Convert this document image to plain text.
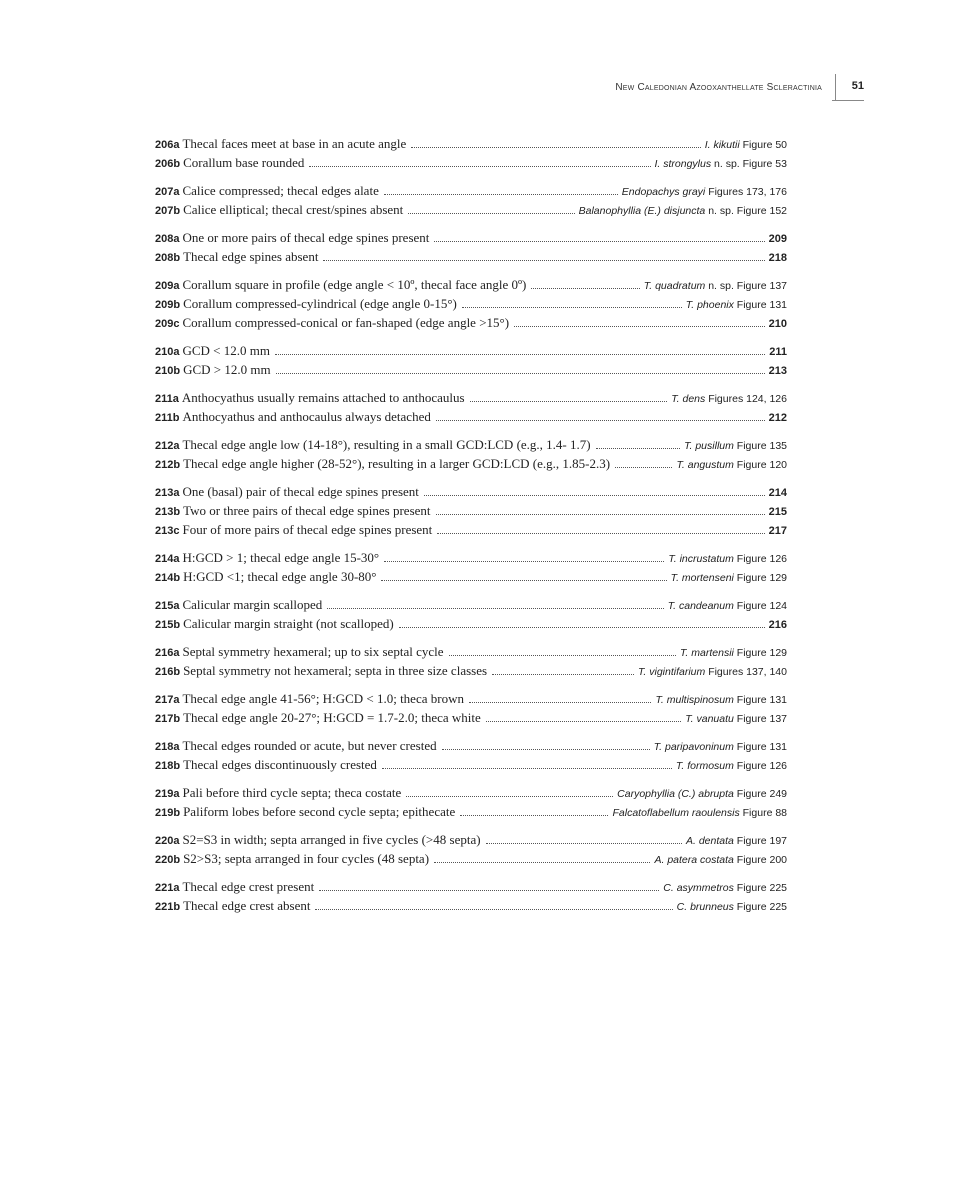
New Caledonian Azooxanthellate Scleractinia	51
206a Thecal faces meet at base in an acute angle	I. kikutii Figure 50
206b Corallum base rounded	I. strongylus n. sp. Figure 53
207a Calice compressed; thecal edges alate	Endopachys grayi Figures 173, 176
207b Calice elliptical; thecal crest/spines absent	Balanophyllia (E.) disjuncta n. sp. Figure 152
208a One or more pairs of thecal edge spines present	209
208b Thecal edge spines absent	218
209a Corallum square in profile (edge angle < 10º, thecal face angle 0º)	T. quadratum n. sp. Figure 137
209b Corallum compressed-cylindrical (edge angle 0-15°)	T. phoenix Figure 131
209c Corallum compressed-conical or fan-shaped (edge angle >15°)	210
210a GCD < 12.0 mm	211
210b GCD > 12.0 mm	213
211a Anthocyathus usually remains attached to anthocaulus	T. dens Figures 124, 126
211b Anthocyathus and anthocaulus always detached	212
212a Thecal edge angle low (14-18°), resulting in a small GCD:LCD (e.g., 1.4- 1.7)	T. pusillum Figure 135
212b Thecal edge angle higher (28-52°), resulting in a larger GCD:LCD (e.g., 1.85-2.3)	T. angustum Figure 120
213a One (basal) pair of thecal edge spines present	214
213b Two or three pairs of thecal edge spines present	215
213c Four of more pairs of thecal edge spines present	217
214a H:GCD > 1; thecal edge angle 15-30°	T. incrustatum Figure 126
214b H:GCD <1; thecal edge angle 30-80°	T. mortenseni Figure 129
215a Calicular margin scalloped	T. candeanum Figure 124
215b Calicular margin straight (not scalloped)	216
216a Septal symmetry hexameral; up to six septal cycle	T. martensii Figure 129
216b Septal symmetry not hexameral; septa in three size classes	T. vigintifarium Figures 137, 140
217a Thecal edge angle 41-56°; H:GCD < 1.0; theca brown	T. multispinosum Figure 131
217b Thecal edge angle 20-27°; H:GCD = 1.7-2.0; theca white	T. vanuatu Figure 137
218a Thecal edges rounded or acute, but never crested	T. paripavoninum Figure 131
218b Thecal edges discontinuously crested	T. formosum Figure 126
219a Pali before third cycle septa; theca costate	Caryophyllia (C.) abrupta Figure 249
219b Paliform lobes before second cycle septa; epithecate	Falcatoflabellum raoulensis Figure 88
220a S2=S3 in width; septa arranged in five cycles (>48 septa)	A. dentata Figure 197
220b S2>S3; septa arranged in four cycles (48 septa)	A. patera costata Figure 200
221a Thecal edge crest present	C. asymmetros Figure 225
221b Thecal edge crest absent	C. brunneus Figure 225
